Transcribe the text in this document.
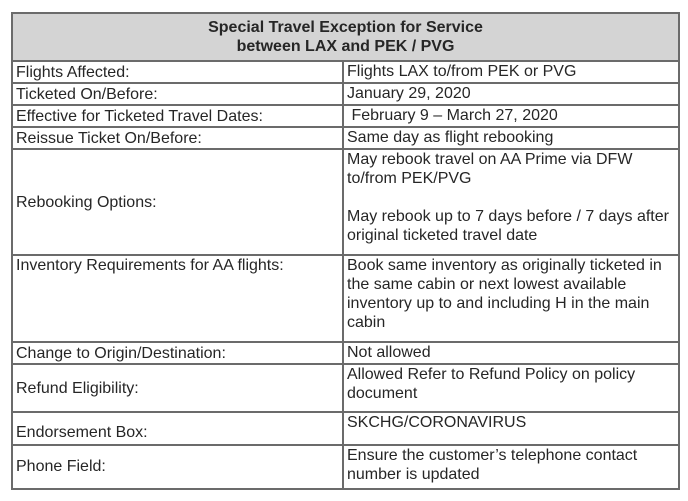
Special Travel Exception for Service
between LAX and PEK / PVG	

Flights Affected:	Flights LAX to/from PEK or PVG
Ticketed On/Before:	January 29, 2020
Effective for Ticketed Travel Dates:	February 9 – March 27, 2020
Reissue Ticket On/Before:	Same day as flight rebooking
Rebooking Options:	May rebook travel on AA Prime via DFW to/from PEK/PVG
May rebook up to 7 days before / 7 days after original ticketed travel date

Inventory Requirements for AA flights:	Book same inventory as originally ticketed in the same cabin or next lowest available inventory up to and including H in the main cabin
Change to Origin/Destination:	Not allowed
Refund Eligibility:	Allowed Refer to Refund Policy on policy document
Endorsement Box:	SKCHG/CORONAVIRUS
Phone Field:	Ensure the customer’s telephone contact number is updated
